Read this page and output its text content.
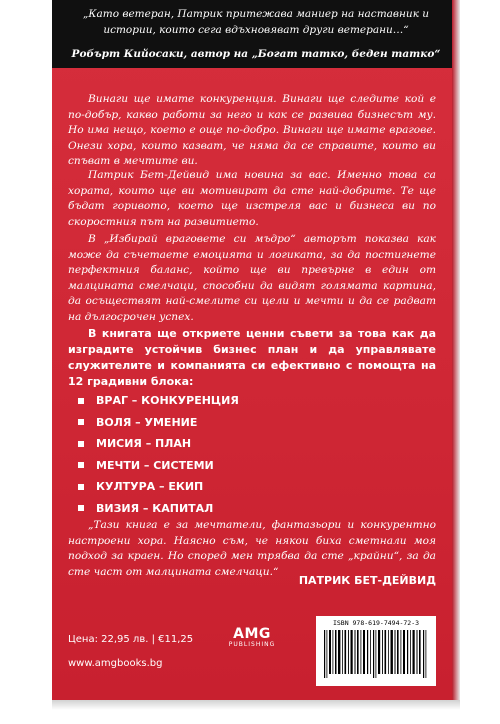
„Като ветеран, Патрик притежава маниер на наставник и истории, които сега вдъхновяват други ветерани…“
Робърт Кийосаки, автор на „Богат татко, беден татко“

Винаги ще имате конкуренция. Винаги ще следите кой е по-добър, какво работи за него и как се развива бизнесът му. Но има нещо, което е още по-добро. Винаги ще имате врагове. Онези хора, които казват, че няма да се справите, които ви спъват в мечтите ви.

Патрик Бет-Дейвид има новина за вас. Именно това са хората, които ще ви мотивират да сте най-добрите. Те ще бъдат горивото, което ще изстреля вас и бизнеса ви по скоростния път на развитието.

В „Избирай враговете си мъдро“ авторът показва как може да съчетаете емоцията и логиката, за да постигнете перфектния баланс, който ще ви превърне в един от малцината смелчаци, способни да видят голямата картина, да осъществят най-смелите си цели и мечти и да се радват на дългосрочен успех.

В книгата ще откриете ценни съвети за това как да изградите устойчив бизнес план и да управлявате служителите и компанията си ефективно с помощта на 12 градивни блока:

ВРАГ – КОНКУРЕНЦИЯ
ВОЛЯ – УМЕНИЕ
МИСИЯ – ПЛАН
МЕЧТИ – СИСТЕМИ
КУЛТУРА – ЕКИП
ВИЗИЯ – КАПИТАЛ

„Тази книга е за мечтатели, фантазьори и конкурентно настроени хора. Наясно съм, че някои биха сметнали моя подход за краен. Но според мен трябва да сте „крайни“, за да сте част от малцината смелчаци.“

ПАТРИК БЕТ-ДЕЙВИД
Цена: 22,95 лв. | €11,25
www.amgbooks.bg
AMG
PUBLISHING
ISBN 978-619-7494-72-3
